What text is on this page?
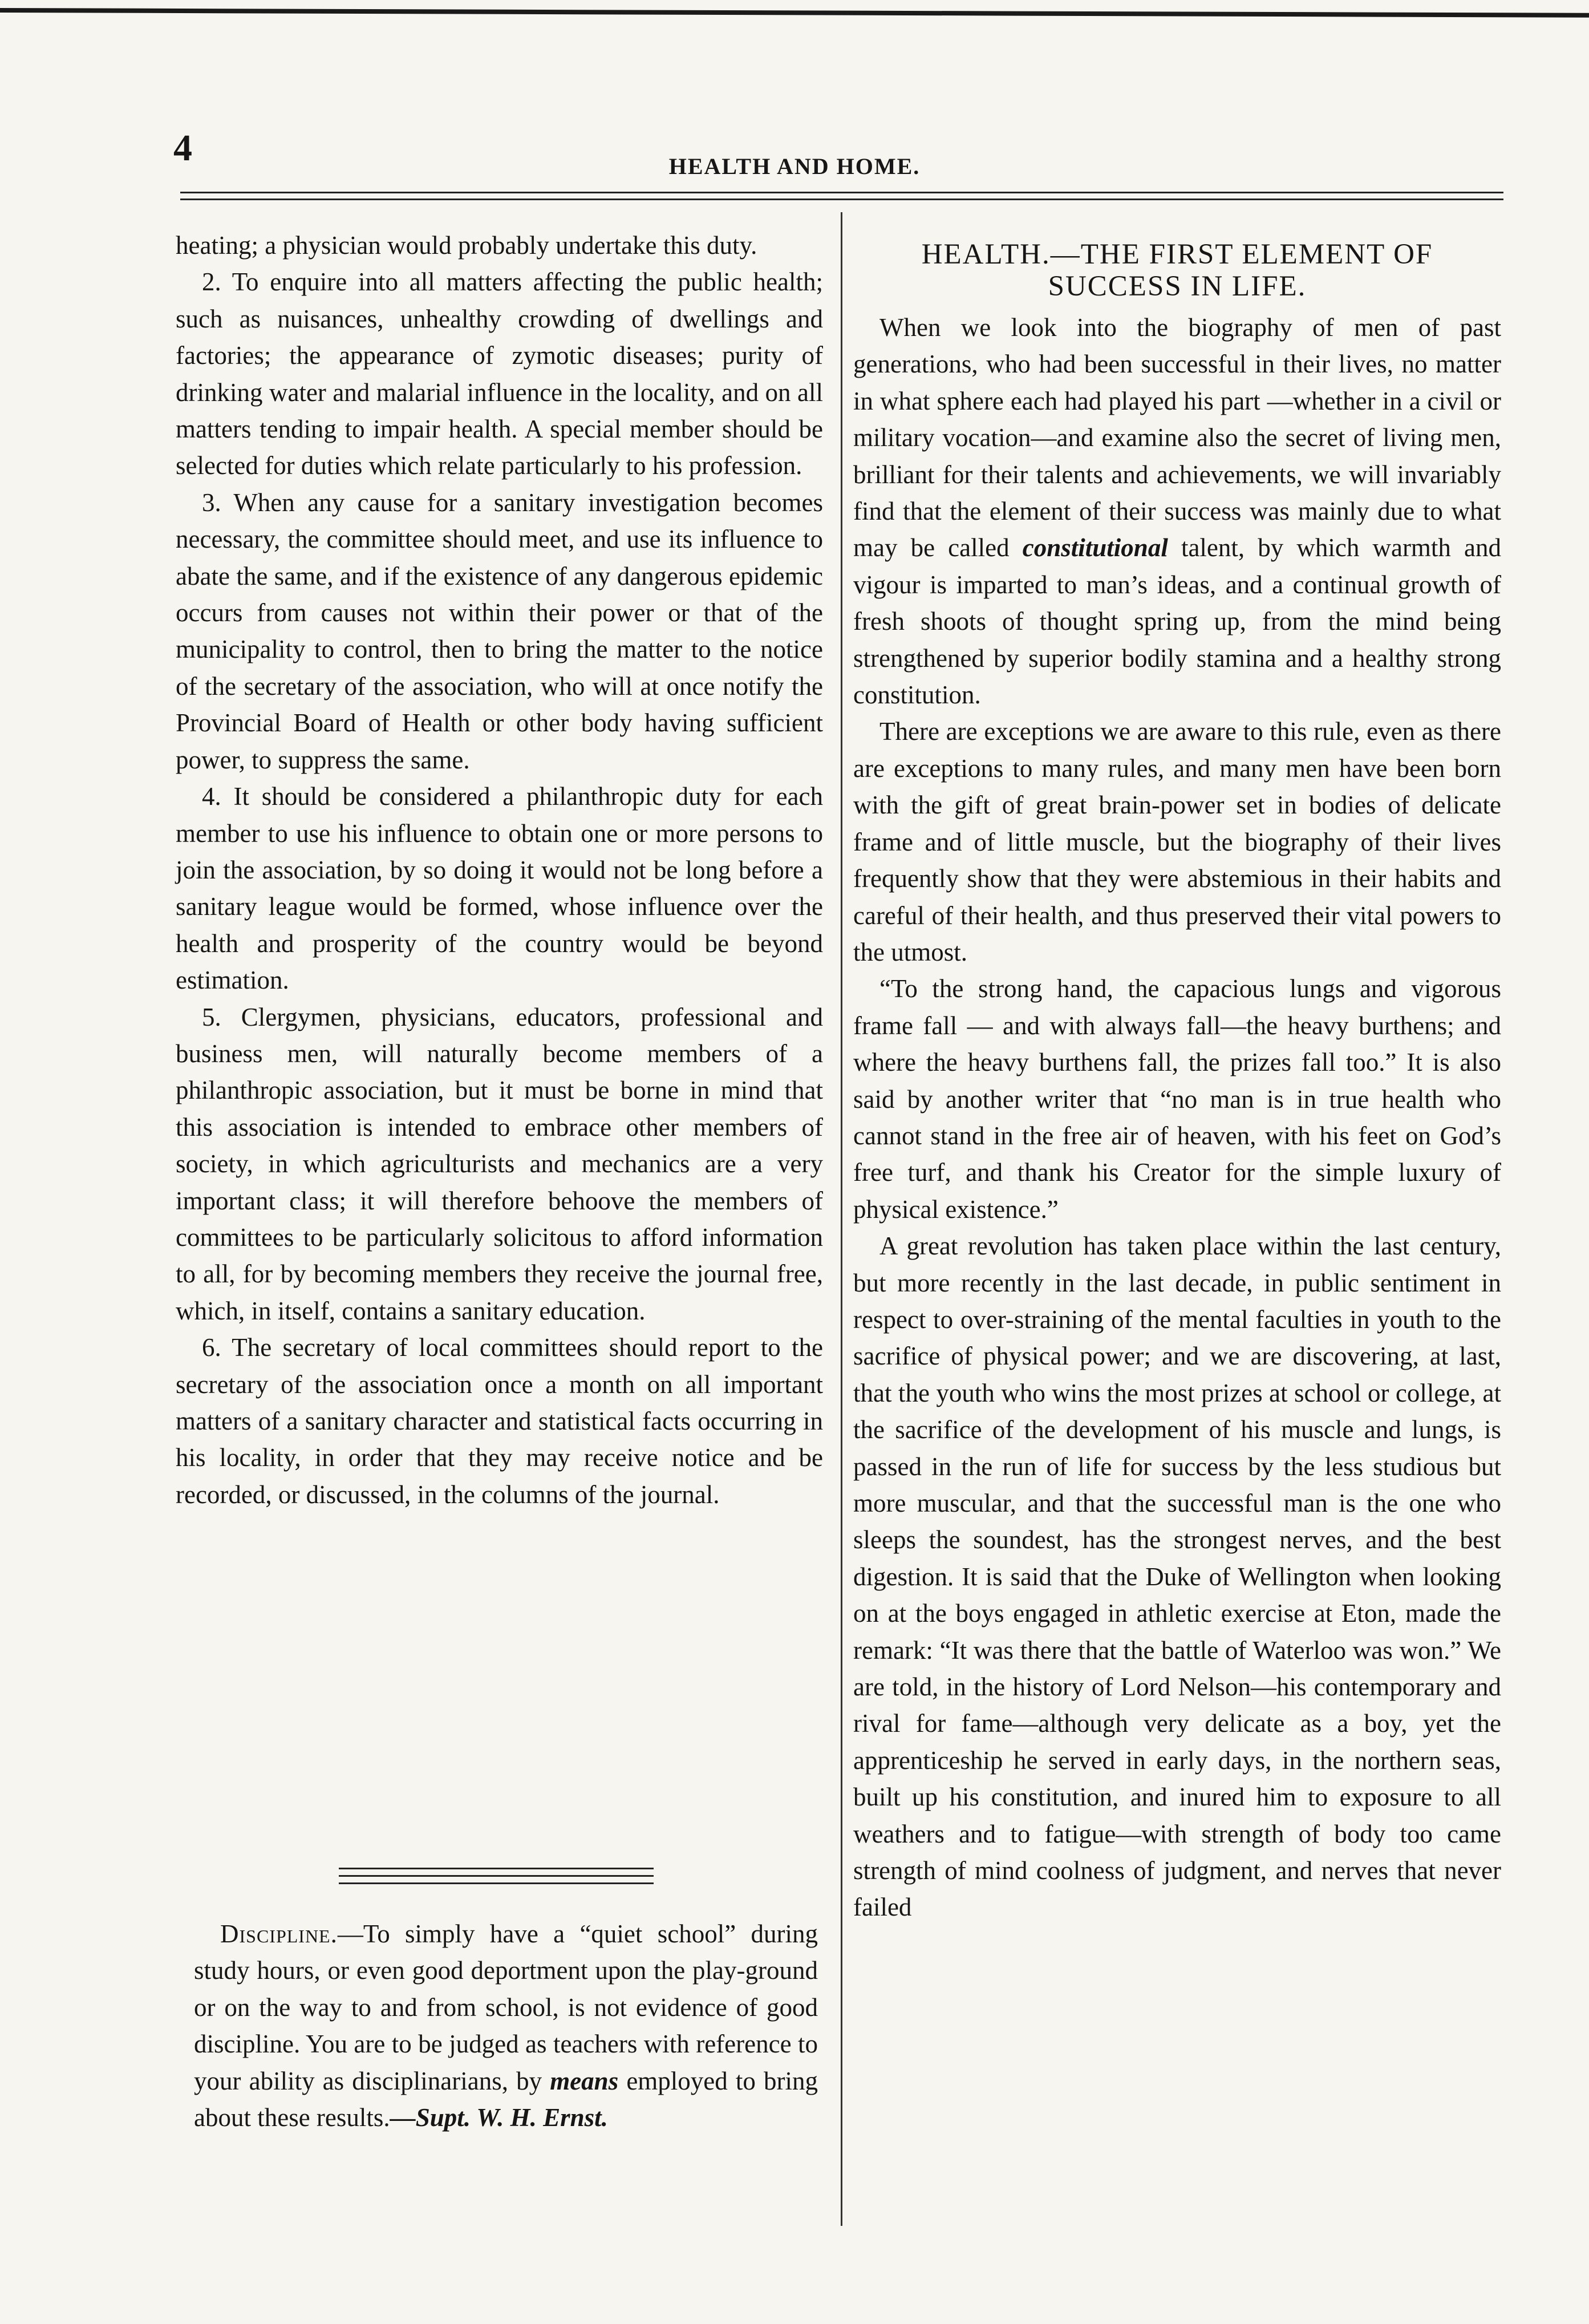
4	HEALTH AND HOME.

heating; a physician would probably undertake this duty.

2. To enquire into all matters affecting the public health; such as nuisances, unhealthy crowding of dwellings and factories; the appearance of zymotic diseases; purity of drinking water and malarial influence in the locality, and on all matters tending to impair health. A special member should be selected for duties which relate particularly to his profession.

3. When any cause for a sanitary investigation becomes necessary, the committee should meet, and use its influence to abate the same, and if the existence of any dangerous epidemic occurs from causes not within their power or that of the municipality to control, then to bring the matter to the notice of the secretary of the association, who will at once notify the Provincial Board of Health or other body having sufficient power, to suppress the same.

4. It should be considered a philanthropic duty for each member to use his influence to obtain one or more persons to join the association, by so doing it would not be long before a sanitary league would be formed, whose influence over the health and prosperity of the country would be beyond estimation.

5. Clergymen, physicians, educators, professional and business men, will naturally become members of a philanthropic association, but it must be borne in mind that this association is intended to embrace other members of society, in which agriculturists and mechanics are a very important class; it will therefore behoove the members of committees to be particularly solicitous to afford information to all, for by becoming members they receive the journal free, which, in itself, contains a sanitary education.

6. The secretary of local committees should report to the secretary of the association once a month on all important matters of a sanitary character and statistical facts occurring in his locality, in order that they may receive notice and be recorded, or discussed, in the columns of the journal.

Discipline.—To simply have a “quiet school” during study hours, or even good deportment upon the play-ground or on the way to and from school, is not evidence of good discipline. You are to be judged as teachers with reference to your ability as disciplinarians, by means employed to bring about these results.—Supt. W. H. Ernst.

HEALTH.—THE FIRST ELEMENT OF
SUCCESS IN LIFE.

When we look into the biography of men of past generations, who had been successful in their lives, no matter in what sphere each had played his part —whether in a civil or military vocation—and examine also the secret of living men, brilliant for their talents and achievements, we will invariably find that the element of their success was mainly due to what may be called constitutional talent, by which warmth and vigour is imparted to man’s ideas, and a continual growth of fresh shoots of thought spring up, from the mind being strengthened by superior bodily stamina and a healthy strong constitution.

There are exceptions we are aware to this rule, even as there are exceptions to many rules, and many men have been born with the gift of great brain-power set in bodies of delicate frame and of little muscle, but the biography of their lives frequently show that they were abstemious in their habits and careful of their health, and thus preserved their vital powers to the utmost.

“To the strong hand, the capacious lungs and vigorous frame fall — and with always fall—the heavy burthens; and where the heavy burthens fall, the prizes fall too.” It is also said by another writer that “no man is in true health who cannot stand in the free air of heaven, with his feet on God’s free turf, and thank his Creator for the simple luxury of physical existence.”

A great revolution has taken place within the last century, but more recently in the last decade, in public sentiment in respect to over-straining of the mental faculties in youth to the sacrifice of physical power; and we are discovering, at last, that the youth who wins the most prizes at school or college, at the sacrifice of the development of his muscle and lungs, is passed in the run of life for success by the less studious but more muscular, and that the successful man is the one who sleeps the soundest, has the strongest nerves, and the best digestion. It is said that the Duke of Wellington when looking on at the boys engaged in athletic exercise at Eton, made the remark: “It was there that the battle of Waterloo was won.” We are told, in the history of Lord Nelson—his contemporary and rival for fame—although very delicate as a boy, yet the apprenticeship he served in early days, in the northern seas, built up his constitution, and inured him to exposure to all weathers and to fatigue—with strength of body too came strength of mind coolness of judgment, and nerves that never failed
